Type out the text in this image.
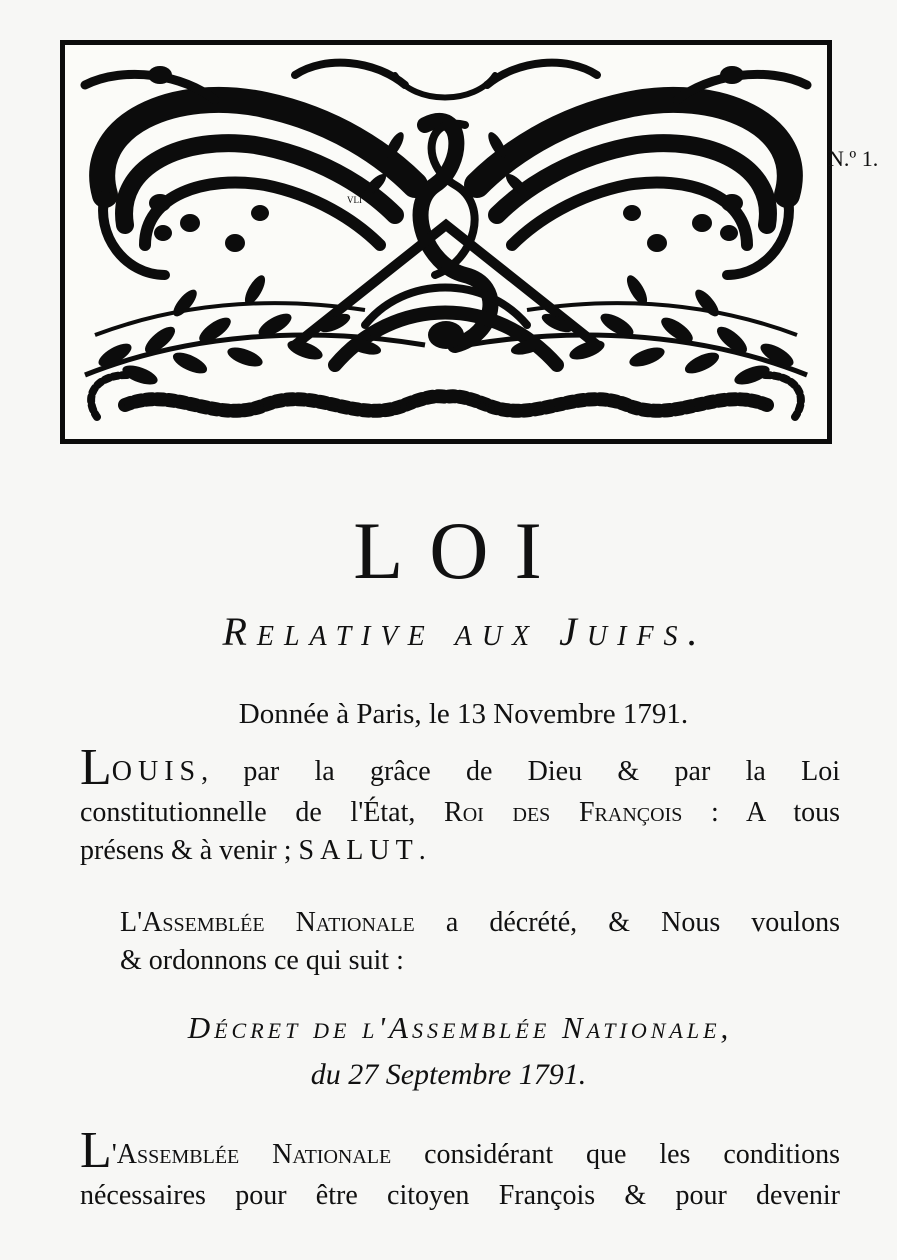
VLI
N.º 1.
LOI
Relative aux Juifs.
Donnée à Paris, le 13 Novembre 1791.
LOUIS, par la grâce de Dieu & par la Loi
constitutionnelle de l'État, Roi des François : A tous
présens & à venir ; SALUT.
L'Assemblée Nationale a décrété, & Nous voulons
& ordonnons ce qui suit :
Décret de l'Assemblée Nationale,
du 27 Septembre 1791.
L'Assemblée Nationale considérant que les conditions
nécessaires pour être citoyen François & pour devenir
